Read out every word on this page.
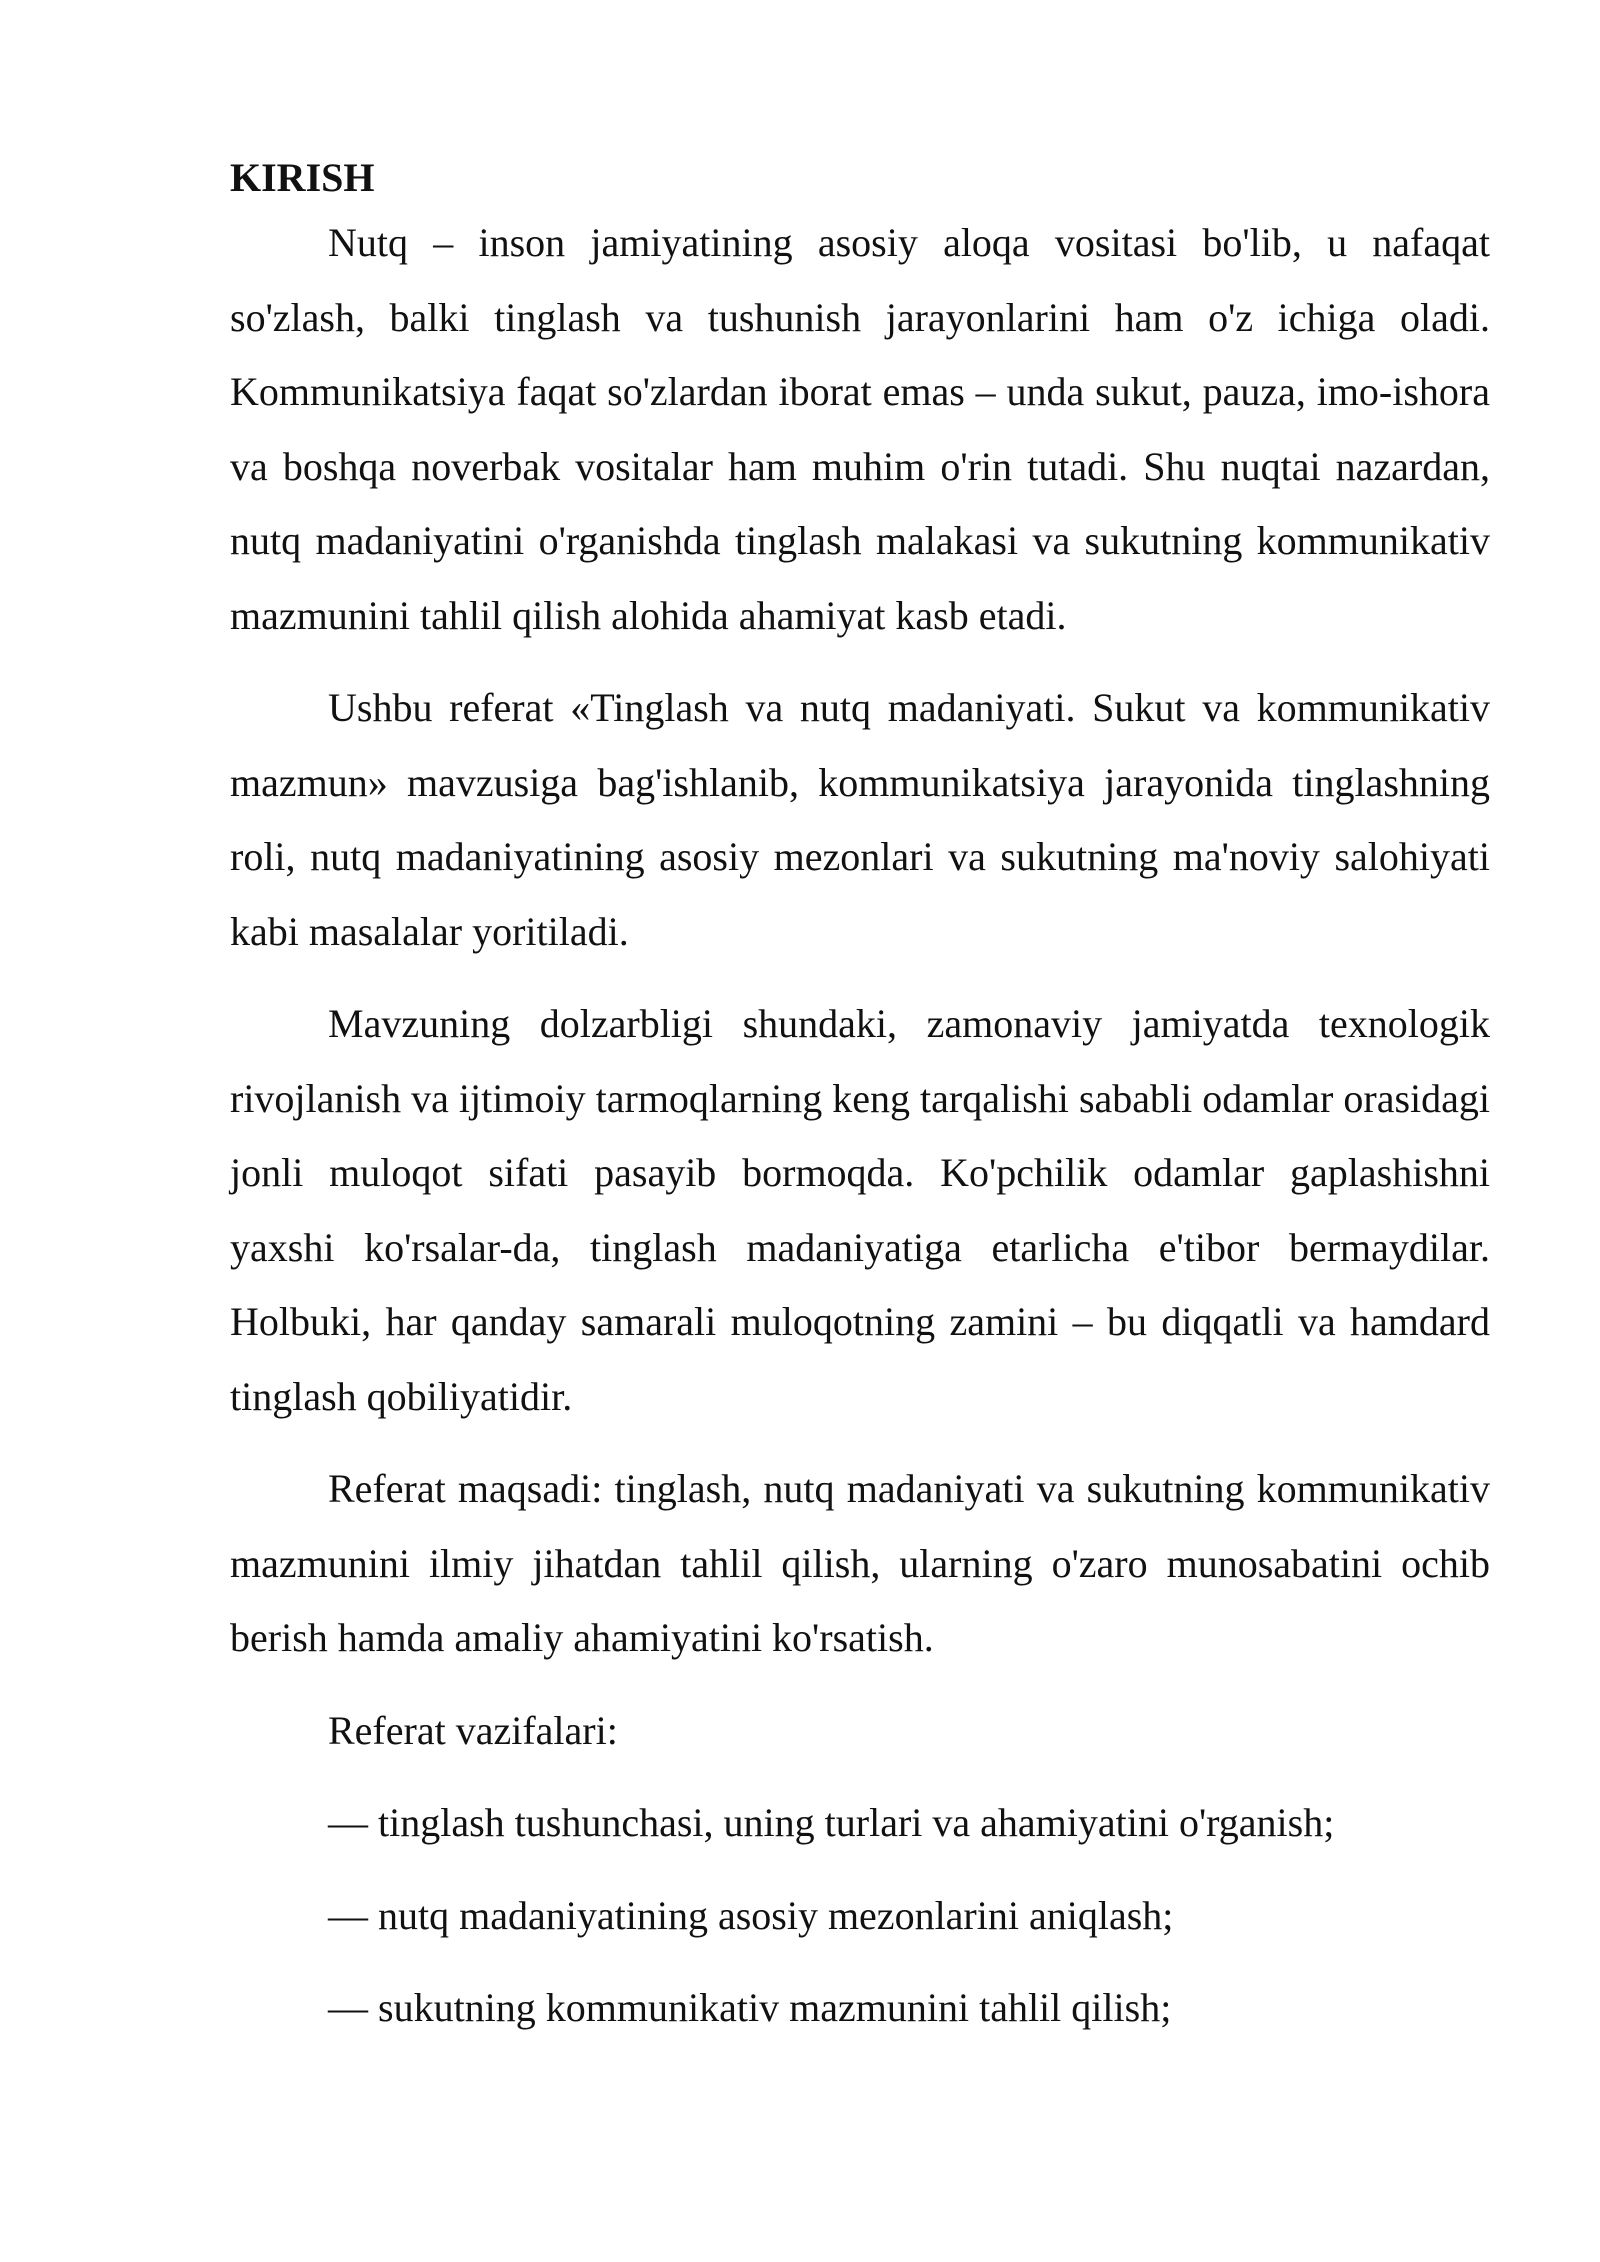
KIRISH

Nutq – inson jamiyatining asosiy aloqa vositasi bo'lib, u nafaqat so'zlash, balki tinglash va tushunish jarayonlarini ham o'z ichiga oladi. Kommunikatsiya faqat so'zlardan iborat emas – unda sukut, pauza, imo-ishora va boshqa noverbak vositalar ham muhim o'rin tutadi. Shu nuqtai nazardan, nutq madaniyatini o'rganishda tinglash malakasi va sukutning kommunikativ mazmunini tahlil qilish alohida ahamiyat kasb etadi.

Ushbu referat «Tinglash va nutq madaniyati. Sukut va kommunikativ mazmun» mavzusiga bag'ishlanib, kommunikatsiya jarayonida tinglashning roli, nutq madaniyatining asosiy mezonlari va sukutning ma'noviy salohiyati kabi masalalar yoritiladi.

Mavzuning dolzarbligi shundaki, zamonaviy jamiyatda texnologik rivojlanish va ijtimoiy tarmoqlarning keng tarqalishi sababli odamlar orasidagi jonli muloqot sifati pasayib bormoqda. Ko'pchilik odamlar gaplashishni yaxshi ko'rsalar-da, tinglash madaniyatiga etarlicha e'tibor bermaydilar. Holbuki, har qanday samarali muloqotning zamini – bu diqqatli va hamdard tinglash qobiliyatidir.

Referat maqsadi: tinglash, nutq madaniyati va sukutning kommunikativ mazmunini ilmiy jihatdan tahlil qilish, ularning o'zaro munosabatini ochib berish hamda amaliy ahamiyatini ko'rsatish.

Referat vazifalari:

— tinglash tushunchasi, uning turlari va ahamiyatini o'rganish;

— nutq madaniyatining asosiy mezonlarini aniqlash;

— sukutning kommunikativ mazmunini tahlil qilish;
